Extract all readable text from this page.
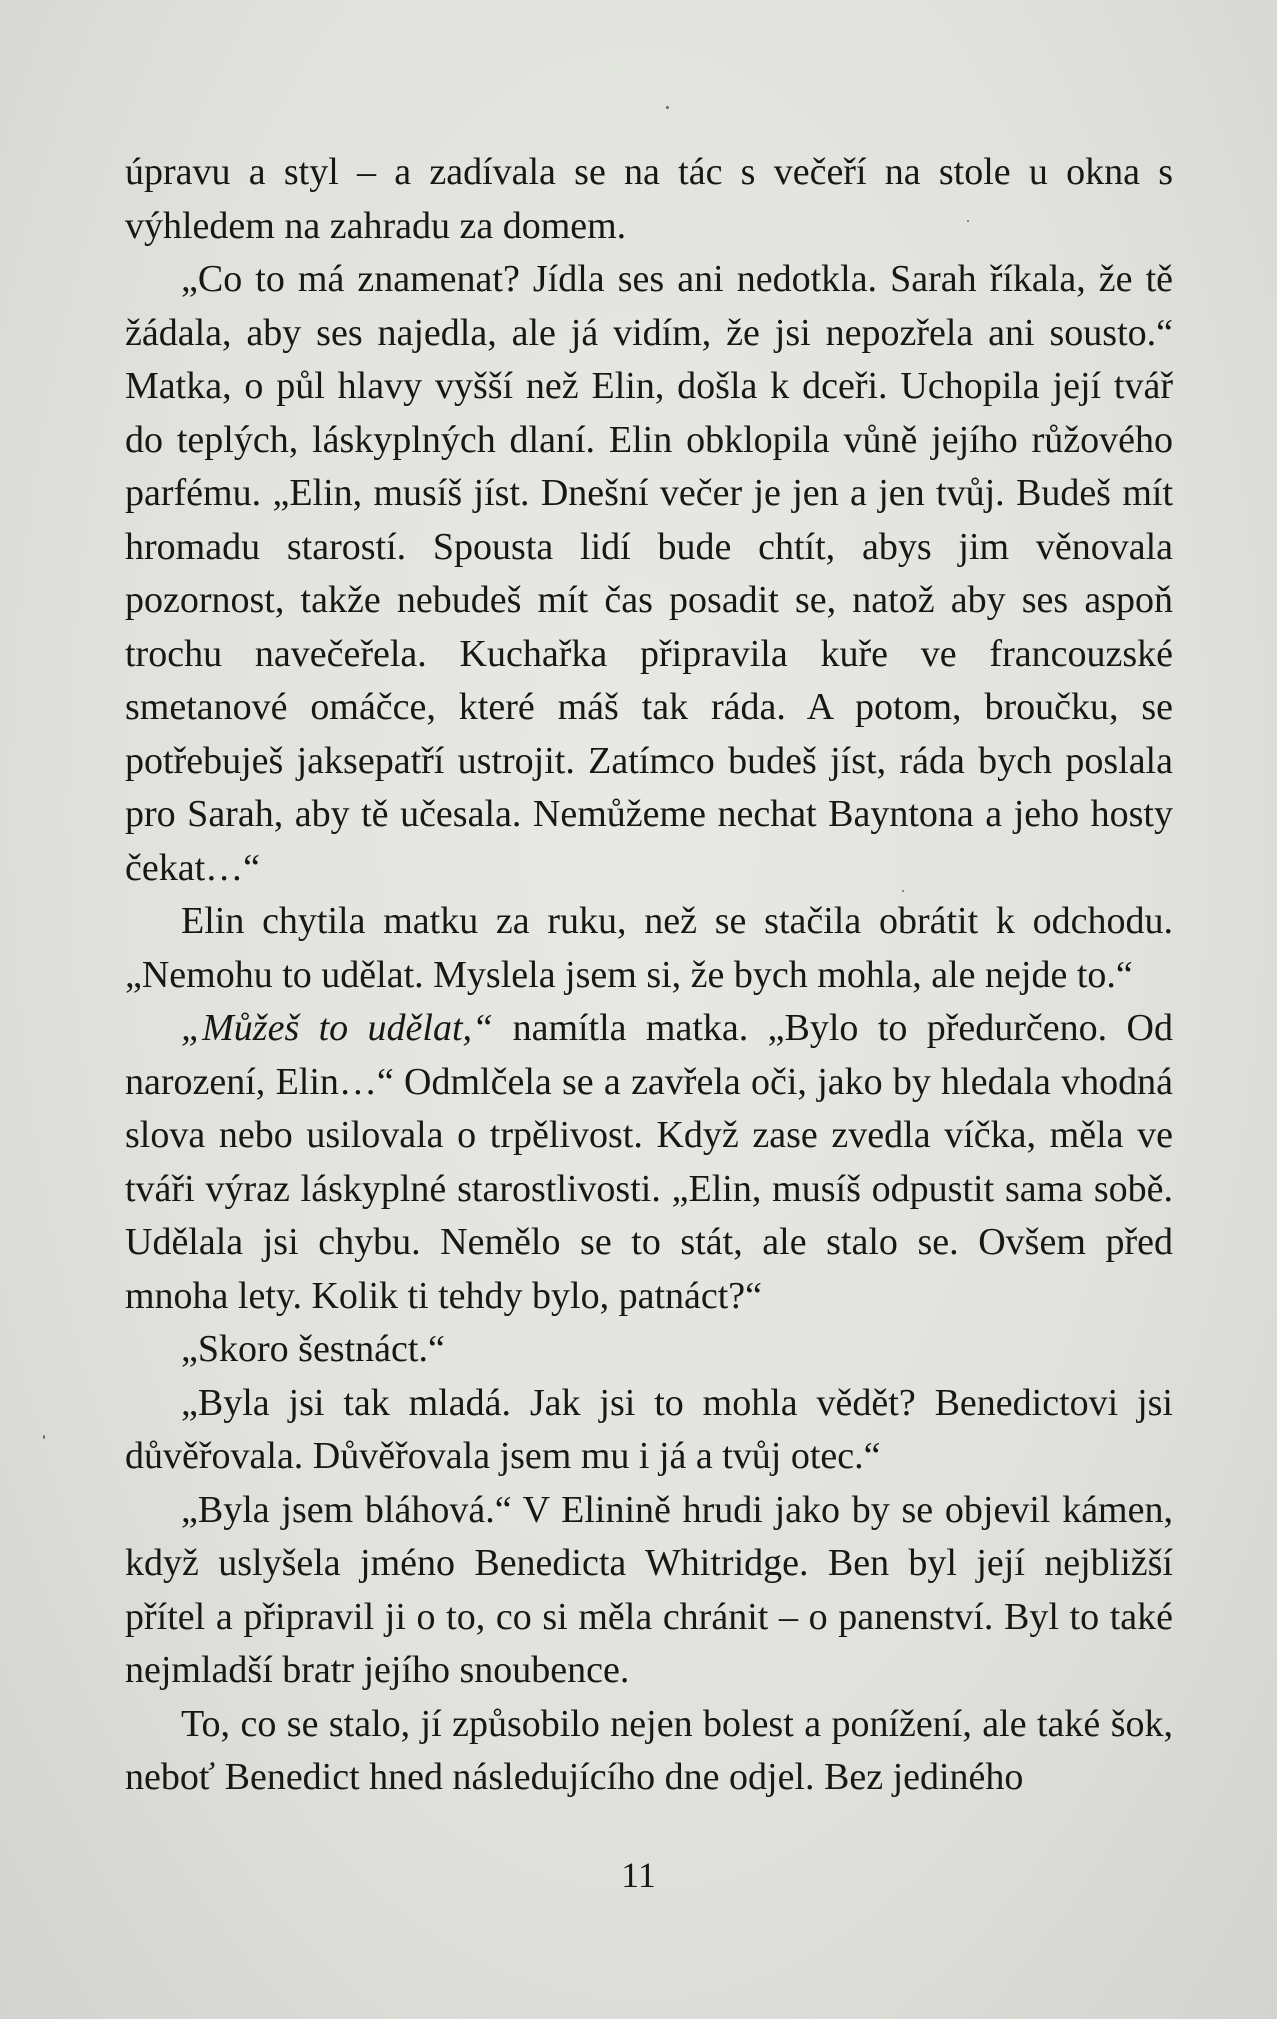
úpravu a styl – a zadívala se na tác s večeří na stole u okna s výhledem na zahradu za domem.

„Co to má znamenat? Jídla ses ani nedotkla. Sarah říkala, že tě žádala, aby ses najedla, ale já vidím, že jsi nepozřela ani sousto.“ Matka, o půl hlavy vyšší než Elin, došla k dceři. Uchopila její tvář do teplých, láskyplných dlaní. Elin obklopila vůně jejího růžového parfému. „Elin, musíš jíst. Dnešní večer je jen a jen tvůj. Budeš mít hromadu starostí. Spousta lidí bude chtít, abys jim věnovala pozornost, takže nebudeš mít čas posadit se, natož aby ses aspoň trochu navečeřela. Kuchařka připravila kuře ve francouzské smetanové omáčce, které máš tak ráda. A potom, broučku, se potřebuješ jaksepatří ustrojit. Zatímco budeš jíst, ráda bych poslala pro Sarah, aby tě učesala. Nemůžeme nechat Bayntona a jeho hosty čekat…“

Elin chytila matku za ruku, než se stačila obrátit k odchodu. „Nemohu to udělat. Myslela jsem si, že bych mohla, ale nejde to.“

„Můžeš to udělat,“ namítla matka. „Bylo to předurčeno. Od narození, Elin…“ Odmlčela se a zavřela oči, jako by hledala vhodná slova nebo usilovala o trpělivost. Když zase zvedla víčka, měla ve tváři výraz láskyplné starostlivosti. „Elin, musíš odpustit sama sobě. Udělala jsi chybu. Nemělo se to stát, ale stalo se. Ovšem před mnoha lety. Kolik ti tehdy bylo, patnáct?“

„Skoro šestnáct.“

„Byla jsi tak mladá. Jak jsi to mohla vědět? Benedictovi jsi důvěřovala. Důvěřovala jsem mu i já a tvůj otec.“

„Byla jsem bláhová.“ V Elinině hrudi jako by se objevil kámen, když uslyšela jméno Benedicta Whitridge. Ben byl její nejbližší přítel a připravil ji o to, co si měla chránit – o panenství. Byl to také nejmladší bratr jejího snoubence.

To, co se stalo, jí způsobilo nejen bolest a ponížení, ale také šok, neboť Benedict hned následujícího dne odjel. Bez jediného

11
